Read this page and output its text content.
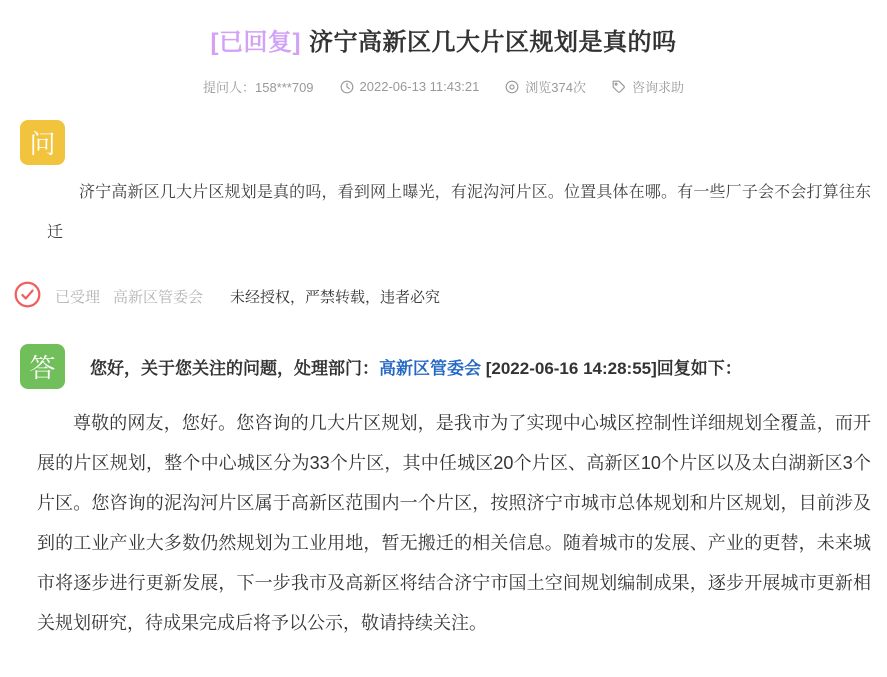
[已回复] 济宁高新区几大片区规划是真的吗
提问人：158***709	2022-06-13 11:43:21	浏览374次	咨询求助
问

济宁高新区几大片区规划是真的吗，看到网上曝光，有泥沟河片区。位置具体在哪。有一些厂子会不会打算往东迁

已受理 高新区管委会 未经授权，严禁转载，违者必究
答	您好，关于您关注的问题，处理部门：高新区管委会 [2022-06-16 14:28:55]回复如下：

尊敬的网友，您好。您咨询的几大片区规划，是我市为了实现中心城区控制性详细规划全覆盖，而开展的片区规划，整个中心城区分为33个片区，其中任城区20个片区、高新区10个片区以及太白湖新区3个片区。您咨询的泥沟河片区属于高新区范围内一个片区，按照济宁市城市总体规划和片区规划，目前涉及到的工业产业大多数仍然规划为工业用地，暂无搬迁的相关信息。随着城市的发展、产业的更替，未来城市将逐步进行更新发展，下一步我市及高新区将结合济宁市国土空间规划编制成果，逐步开展城市更新相关规划研究，待成果完成后将予以公示，敬请持续关注。
